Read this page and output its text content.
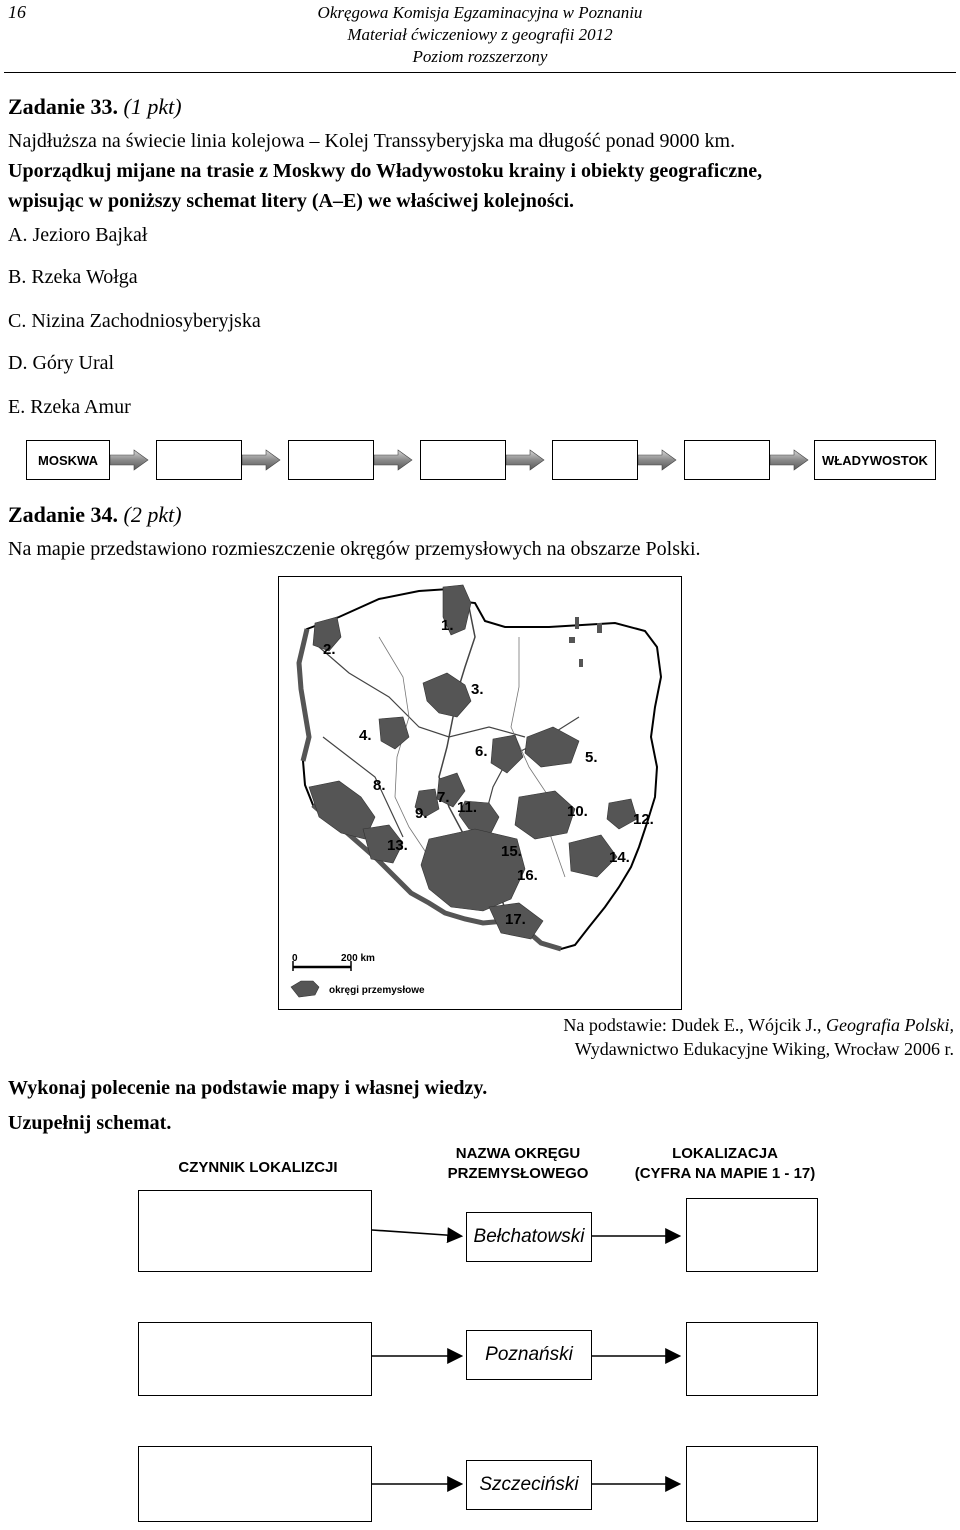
16	Okręgowa Komisja Egzaminacyjna w Poznaniu
Materiał ćwiczeniowy z geografii 2012
Poziom rozszerzony
Zadanie 33. (1 pkt)
Najdłuższa na świecie linia kolejowa – Kolej Transsyberyjska ma długość ponad 9000 km.
Uporządkuj mijane na trasie z Moskwy do Władywostoku krainy i obiekty geograficzne,
wpisując w poniższy schemat litery (A–E) we właściwej kolejności.
A. Jezioro Bajkał
B. Rzeka Wołga
C. Nizina Zachodniosyberyjska
D. Góry Ural
E. Rzeka Amur
MOSKWA	WŁADYWOSTOK
Zadanie 34. (2 pkt)
Na mapie przedstawiono rozmieszczenie okręgów przemysłowych na obszarze Polski.
1.
2.
3.
4.
5.
6.
7.
8.
9.	10.
11.
12.
13.
14.
15.
16.
17.
0	200 km
okręgi przemysłowe
Na podstawie: Dudek E., Wójcik J., Geografia Polski,
Wydawnictwo Edukacyjne Wiking, Wrocław 2006 r.
Wykonaj polecenie na podstawie mapy i własnej wiedzy.
Uzupełnij schemat.
CZYNNIK LOKALIZCJI
NAZWA OKRĘGU
PRZEMYSŁOWEGO
LOKALIZACJA
(CYFRA NA MAPIE 1 - 17)
Bełchatowski
Poznański
Szczeciński
